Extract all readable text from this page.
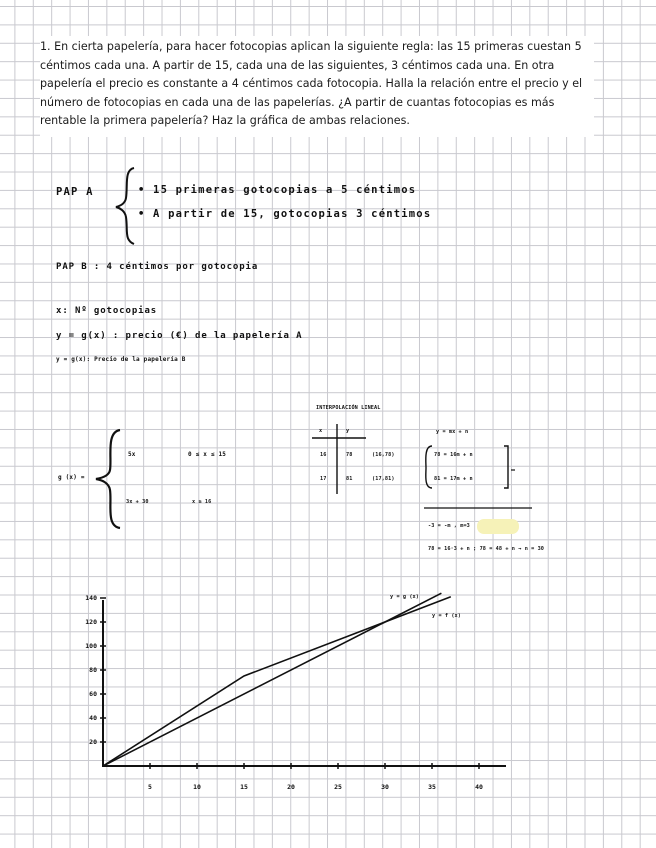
1. En cierta papelería, para hacer fotocopias aplican la siguiente regla: las 15 primeras cuestan 5 céntimos cada una. A partir de 15, cada una de las siguientes, 3 céntimos cada una. En otra papelería el precio es constante a 4 céntimos cada fotocopia. Halla la relación entre el precio y el número de fotocopias en cada una de las papelerías. ¿A partir de cuantas fotocopias es más rentable la primera papelería? Haz la gráfica de ambas relaciones.
PAP A	• 15 primeras gotocopias a 5 céntimos
• A partir de 15, gotocopias 3 céntimos
PAP B : 4 céntimos por gotocopia
x: Nº gotocopias
y = g(x) : precio (€) de la papelería A
y = g(x): Precio de la papelería B
g (x) =
5x	0 ≤ x ≤ 15
3x + 30	x ≥ 16
INTERPOLACIÓN LINEAL
x	y
16	78	(16,78)
17	81	(17,81)
y = mx + n
78 = 16m + n
81 = 17m + n
-3 = -m , m=3
78 = 16·3 + n ; 78 = 48 + n → n = 30
140
120
100
80
60
40
20
5	10	15	20	25	30	35	40
y = g (x)
y = f (x)
